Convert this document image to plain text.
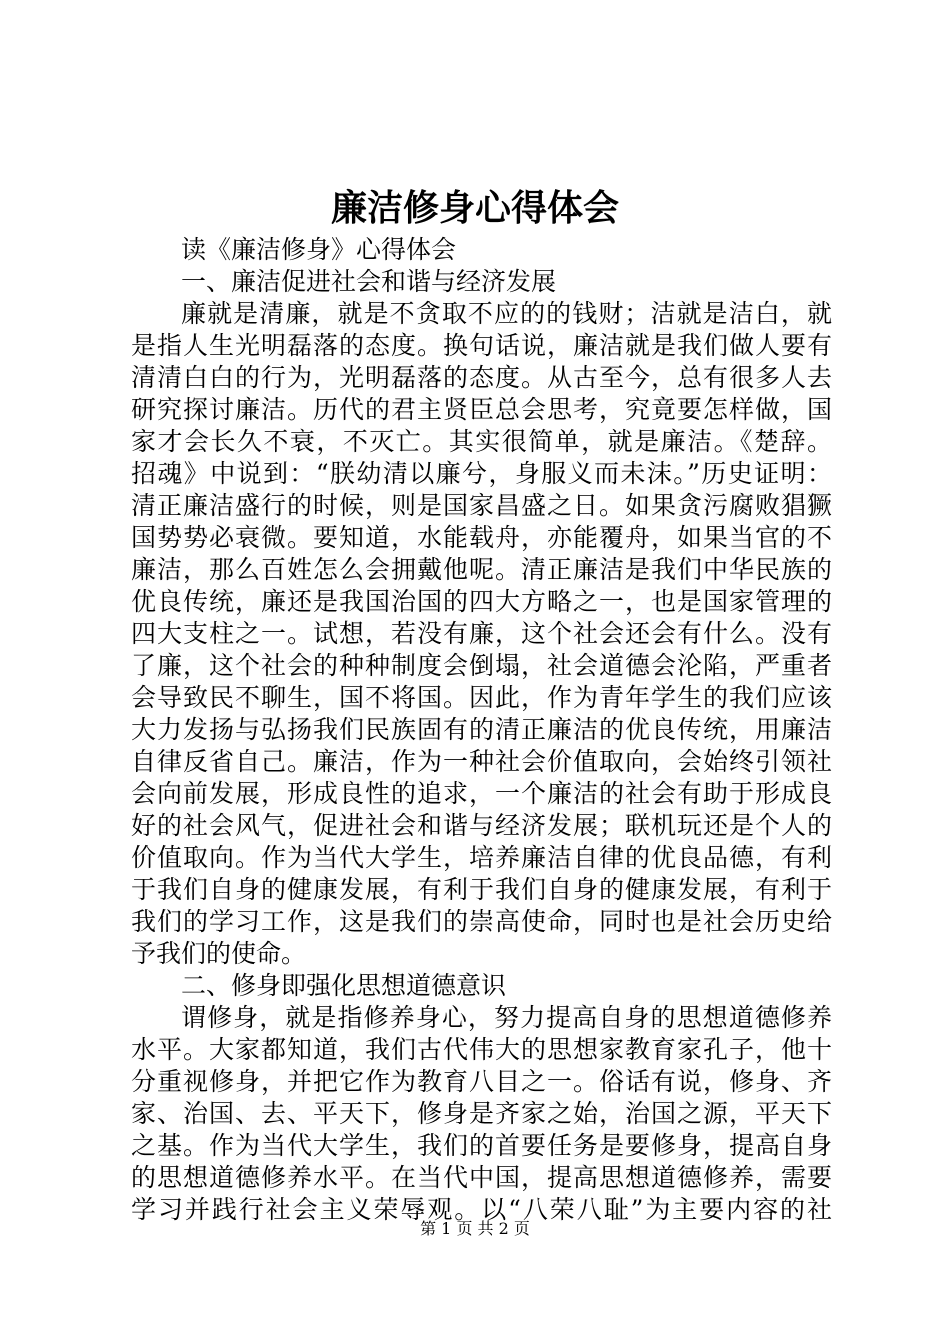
廉洁修身心得体会
读《廉洁修身》心得体会
一、廉洁促进社会和谐与经济发展
廉就是清廉，就是不贪取不应的的钱财；洁就是洁白，就
是指人生光明磊落的态度。换句话说，廉洁就是我们做人要有
清清白白的行为，光明磊落的态度。从古至今，总有很多人去
研究探讨廉洁。历代的君主贤臣总会思考，究竟要怎样做，国
家才会长久不衰，不灭亡。其实很简单，就是廉洁。《楚辞。
招魂》中说到：“朕幼清以廉兮，身服义而未沫。”历史证明：
清正廉洁盛行的时候，则是国家昌盛之日。如果贪污腐败猖獗
国势势必衰微。要知道，水能载舟，亦能覆舟，如果当官的不
廉洁，那么百姓怎么会拥戴他呢。清正廉洁是我们中华民族的
优良传统，廉还是我国治国的四大方略之一，也是国家管理的
四大支柱之一。试想，若没有廉，这个社会还会有什么。没有
了廉，这个社会的种种制度会倒塌，社会道德会沦陷，严重者
会导致民不聊生，国不将国。因此，作为青年学生的我们应该
大力发扬与弘扬我们民族固有的清正廉洁的优良传统，用廉洁
自律反省自己。廉洁，作为一种社会价值取向，会始终引领社
会向前发展，形成良性的追求，一个廉洁的社会有助于形成良
好的社会风气，促进社会和谐与经济发展；联机玩还是个人的
价值取向。作为当代大学生，培养廉洁自律的优良品德，有利
于我们自身的健康发展，有利于我们自身的健康发展，有利于
我们的学习工作，这是我们的崇高使命，同时也是社会历史给
予我们的使命。
二、修身即强化思想道德意识
谓修身，就是指修养身心，努力提高自身的思想道德修养
水平。大家都知道，我们古代伟大的思想家教育家孔子，他十
分重视修身，并把它作为教育八目之一。俗话有说，修身、齐
家、治国、去、平天下，修身是齐家之始，治国之源，平天下
之基。作为当代大学生，我们的首要任务是要修身，提高自身
的思想道德修养水平。在当代中国，提高思想道德修养，需要
学习并践行社会主义荣辱观。以“八荣八耻”为主要内容的社
第 1 页 共 2 页
